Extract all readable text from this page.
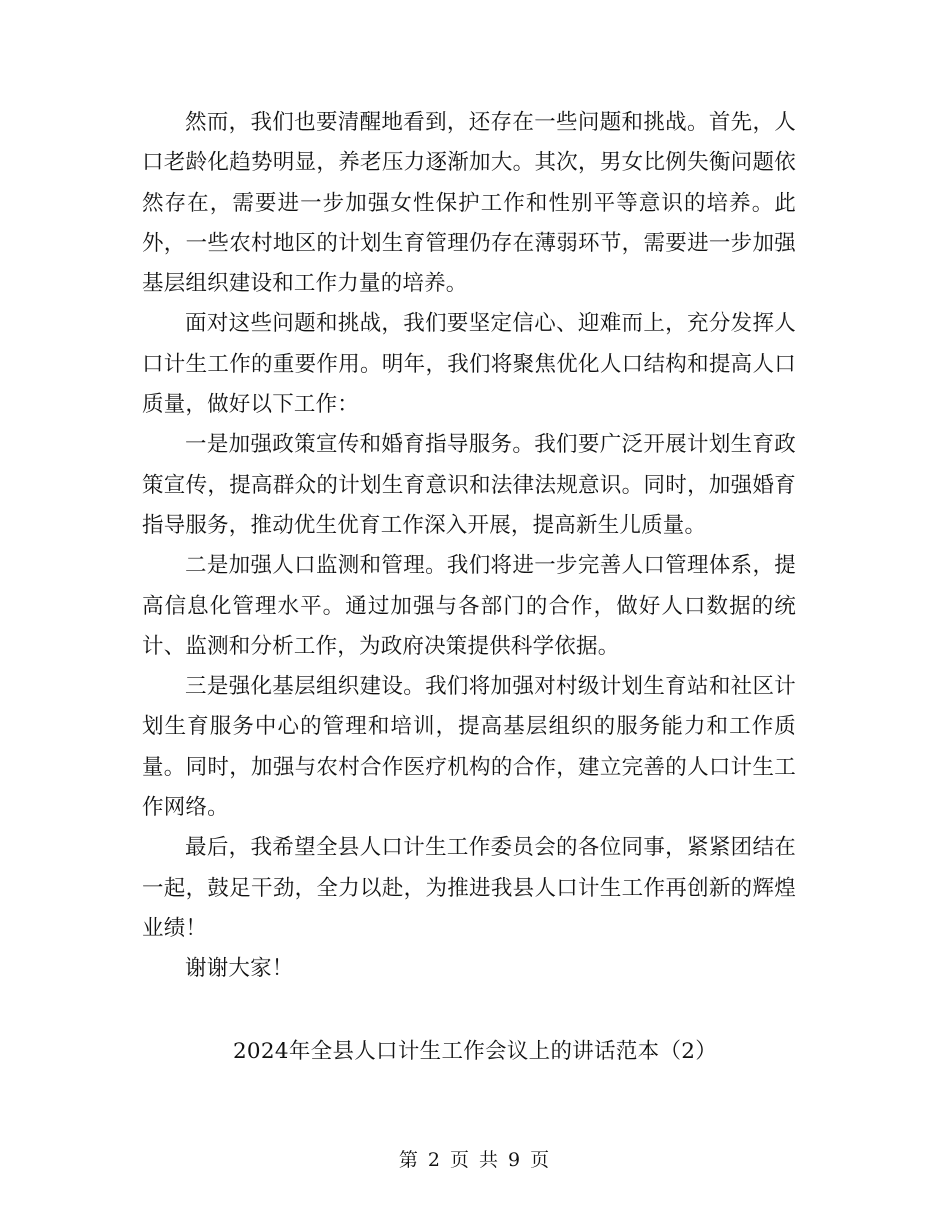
然而，我们也要清醒地看到，还存在一些问题和挑战。首先，人口老龄化趋势明显，养老压力逐渐加大。其次，男女比例失衡问题依然存在，需要进一步加强女性保护工作和性别平等意识的培养。此外，一些农村地区的计划生育管理仍存在薄弱环节，需要进一步加强基层组织建设和工作力量的培养。

面对这些问题和挑战，我们要坚定信心、迎难而上，充分发挥人口计生工作的重要作用。明年，我们将聚焦优化人口结构和提高人口质量，做好以下工作：

一是加强政策宣传和婚育指导服务。我们要广泛开展计划生育政策宣传，提高群众的计划生育意识和法律法规意识。同时，加强婚育指导服务，推动优生优育工作深入开展，提高新生儿质量。

二是加强人口监测和管理。我们将进一步完善人口管理体系，提高信息化管理水平。通过加强与各部门的合作，做好人口数据的统计、监测和分析工作，为政府决策提供科学依据。

三是强化基层组织建设。我们将加强对村级计划生育站和社区计划生育服务中心的管理和培训，提高基层组织的服务能力和工作质量。同时，加强与农村合作医疗机构的合作，建立完善的人口计生工作网络。

最后，我希望全县人口计生工作委员会的各位同事，紧紧团结在一起，鼓足干劲，全力以赴，为推进我县人口计生工作再创新的辉煌业绩！

谢谢大家！

2024年全县人口计生工作会议上的讲话范本（2）
第 2 页 共 9 页
